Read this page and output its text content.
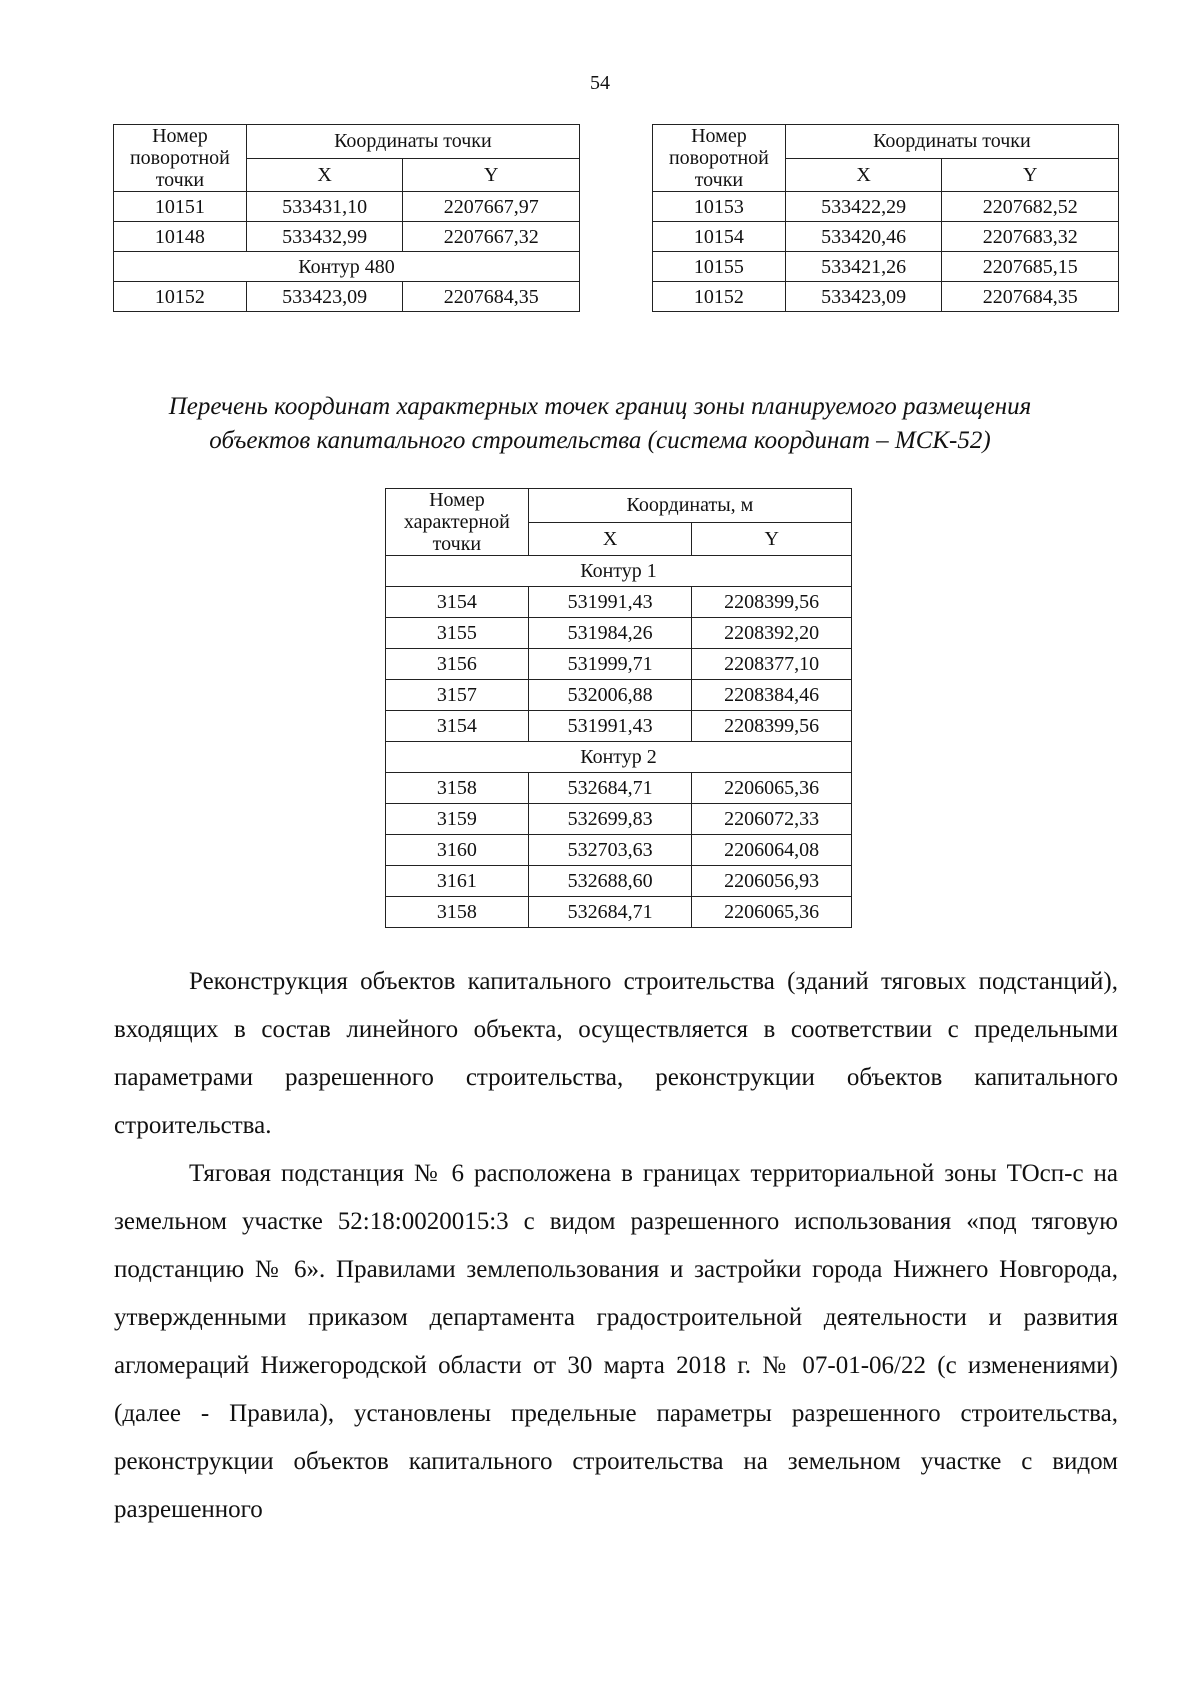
54
Номер поворотной точки	Координаты точки	
	X	Y
10151	533431,10	2207667,97
10148	533432,99	2207667,32
Контур 480		
10152	533423,09	2207684,35
Номер поворотной точки	Координаты точки	
	X	Y
10153	533422,29	2207682,52
10154	533420,46	2207683,32
10155	533421,26	2207685,15
10152	533423,09	2207684,35
Перечень координат характерных точек границ зоны планируемого размещения
объектов капитального строительства (система координат – МСК-52)
Номер характерной точки	Координаты, м	
	X	Y
Контур 1		
3154	531991,43	2208399,56
3155	531984,26	2208392,20
3156	531999,71	2208377,10
3157	532006,88	2208384,46
3154	531991,43	2208399,56
Контур 2		
3158	532684,71	2206065,36
3159	532699,83	2206072,33
3160	532703,63	2206064,08
3161	532688,60	2206056,93
3158	532684,71	2206065,36

Реконструкция объектов капитального строительства (зданий тяговых подстанций), входящих в состав линейного объекта, осуществляется в соответствии с предельными параметрами разрешенного строительства, реконструкции объектов капитального строительства.

Тяговая подстанция № 6 расположена в границах территориальной зоны ТОсп-с на земельном участке 52:18:0020015:3 с видом разрешенного использования «под тяговую подстанцию № 6». Правилами землепользования и застройки города Нижнего Новгорода, утвержденными приказом департамента градостроительной деятельности и развития агломераций Нижегородской области от 30 марта 2018 г. № 07-01-06/22 (с изменениями) (далее - Правила), установлены предельные параметры разрешенного строительства, реконструкции объектов капитального строительства на земельном участке с видом разрешенного
